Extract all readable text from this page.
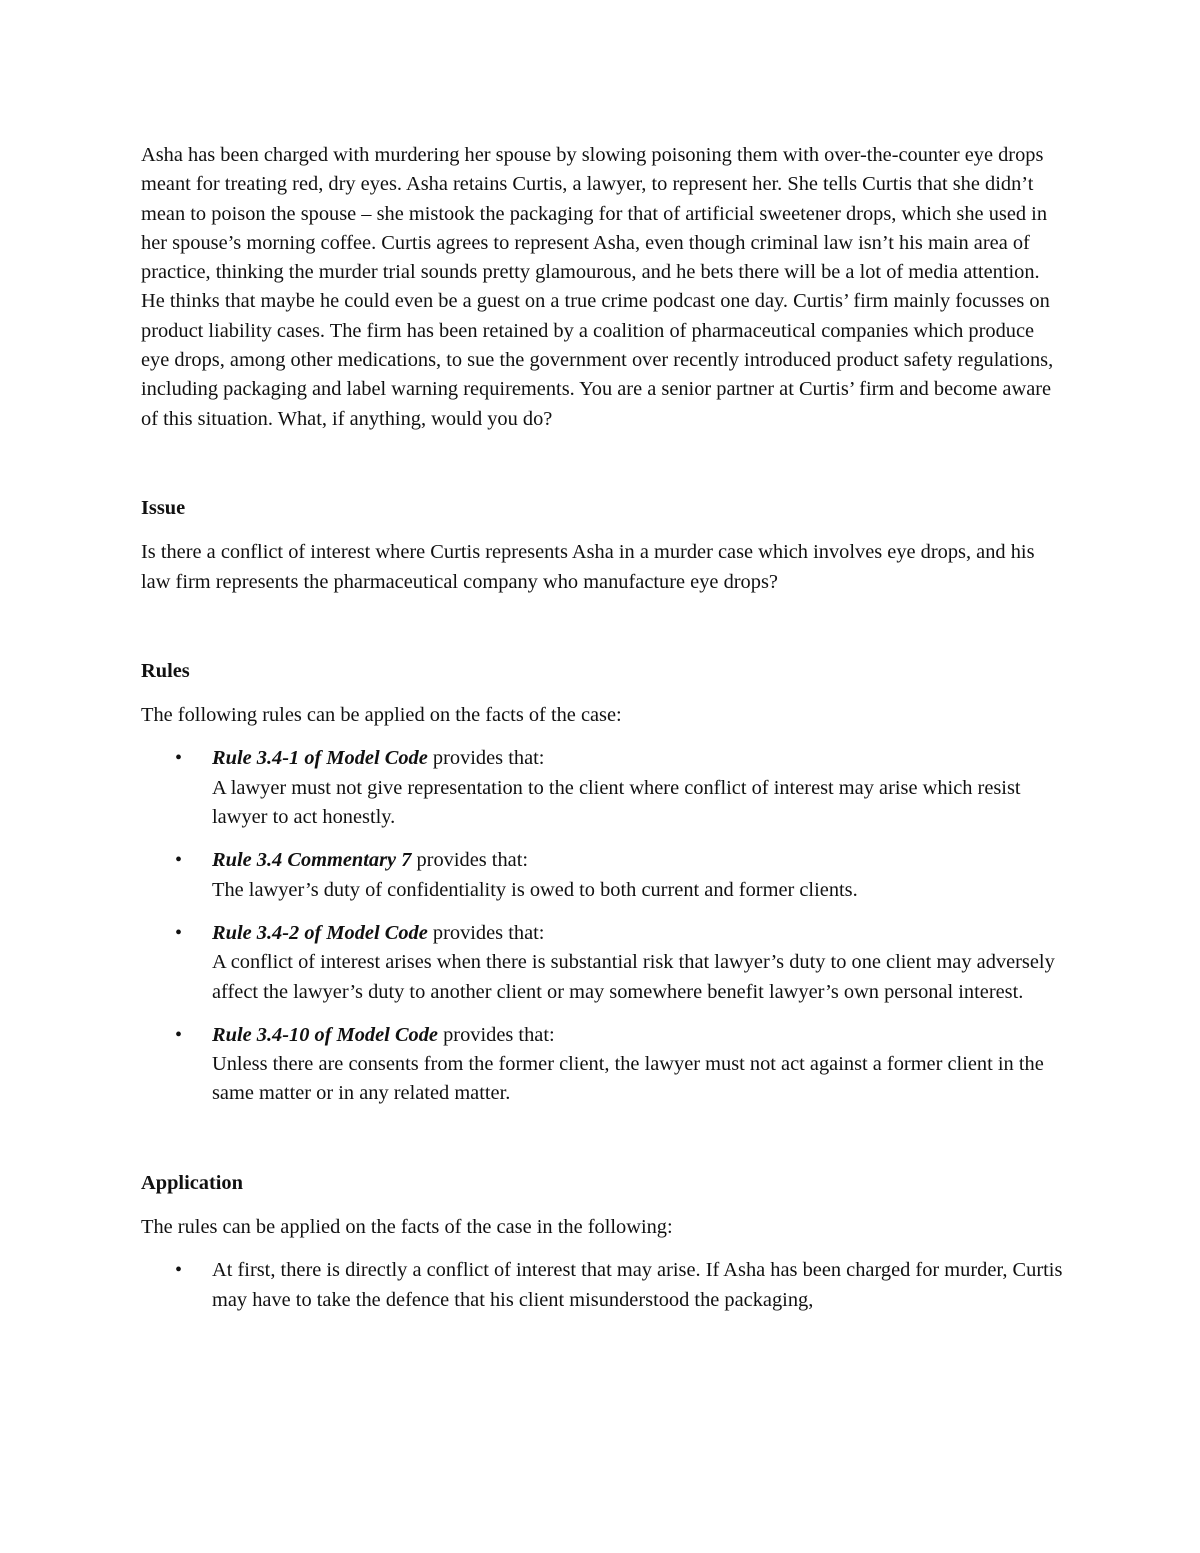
Asha has been charged with murdering her spouse by slowing poisoning them with over-the-counter eye drops meant for treating red, dry eyes. Asha retains Curtis, a lawyer, to represent her. She tells Curtis that she didn’t mean to poison the spouse – she mistook the packaging for that of artificial sweetener drops, which she used in her spouse’s morning coffee. Curtis agrees to represent Asha, even though criminal law isn’t his main area of practice, thinking the murder trial sounds pretty glamourous, and he bets there will be a lot of media attention. He thinks that maybe he could even be a guest on a true crime podcast one day. Curtis’ firm mainly focusses on product liability cases. The firm has been retained by a coalition of pharmaceutical companies which produce eye drops, among other medications, to sue the government over recently introduced product safety regulations, including packaging and label warning requirements. You are a senior partner at Curtis’ firm and become aware of this situation. What, if anything, would you do?

Issue

Is there a conflict of interest where Curtis represents Asha in a murder case which involves eye drops, and his law firm represents the pharmaceutical company who manufacture eye drops?

Rules

The following rules can be applied on the facts of the case:

• Rule 3.4-1 of Model Code provides that:
A lawyer must not give representation to the client where conflict of interest may arise which resist lawyer to act honestly.
• Rule 3.4 Commentary 7 provides that:
The lawyer’s duty of confidentiality is owed to both current and former clients.
• Rule 3.4-2 of Model Code provides that:
A conflict of interest arises when there is substantial risk that lawyer’s duty to one client may adversely affect the lawyer’s duty to another client or may somewhere benefit lawyer’s own personal interest.
• Rule 3.4-10 of Model Code provides that:
Unless there are consents from the former client, the lawyer must not act against a former client in the same matter or in any related matter.

Application

The rules can be applied on the facts of the case in the following:

• At first, there is directly a conflict of interest that may arise. If Asha has been charged for murder, Curtis may have to take the defence that his client misunderstood the packaging,
